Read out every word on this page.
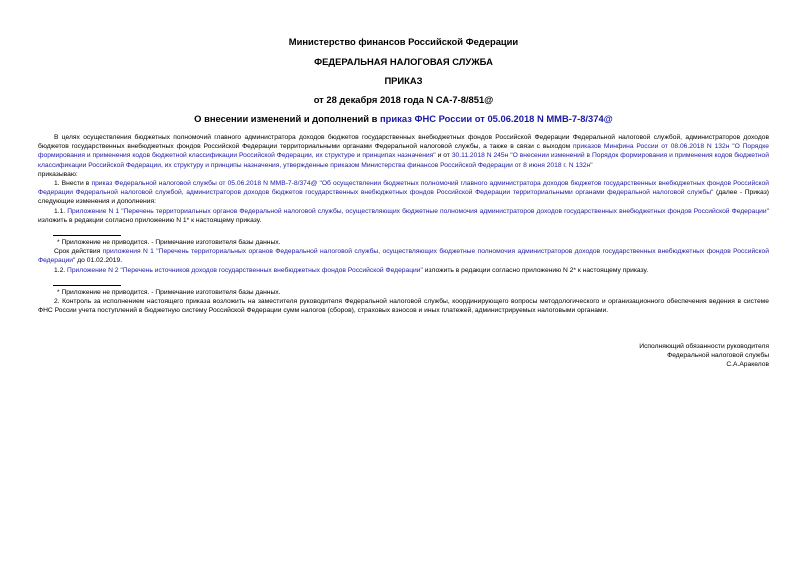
Министерство финансов Российской Федерации
ФЕДЕРАЛЬНАЯ НАЛОГОВАЯ СЛУЖБА
ПРИКАЗ
от 28 декабря 2018 года N СА-7-8/851@
О внесении изменений и дополнений в приказ ФНС России от 05.06.2018 N ММВ-7-8/374@

В целях осуществления бюджетных полномочий главного администратора доходов бюджетов государственных внебюджетных фондов Российской Федерации Федеральной налоговой службой, администраторов доходов бюджетов государственных внебюджетных фондов Российской Федерации территориальными органами Федеральной налоговой службы, а также в связи с выходом приказов Минфина России от 08.06.2018 N 132н "О Порядке формирования и применения кодов бюджетной классификации Российской Федерации, их структуре и принципах назначения" и от 30.11.2018 N 245н "О внесении изменений в Порядок формирования и применения кодов бюджетной классификации Российской Федерации, их структуру и принципы назначения, утвержденные приказом Министерства финансов Российской Федерации от 8 июня 2018 г. N 132н"

приказываю:

1. Внести в приказ Федеральной налоговой службы от 05.06.2018 N ММВ-7-8/374@ "Об осуществлении бюджетных полномочий главного администратора доходов бюджетов государственных внебюджетных фондов Российской Федерации Федеральной налоговой службой, администраторов доходов бюджетов государственных внебюджетных фондов Российской Федерации территориальными органами федеральной налоговой службы" (далее - Приказ) следующие изменения и дополнения:

1.1. Приложение N 1 "Перечень территориальных органов Федеральной налоговой службы, осуществляющих бюджетные полномочия администраторов доходов государственных внебюджетных фондов Российской Федерации" изложить в редакции согласно приложению N 1* к настоящему приказу.

* Приложение не приводится. - Примечание изготовителя базы данных.

Срок действия приложения N 1 "Перечень территориальных органов Федеральной налоговой службы, осуществляющих бюджетные полномочия администраторов доходов государственных внебюджетных фондов Российской Федерации" до 01.02.2019.

1.2. Приложение N 2 "Перечень источников доходов государственных внебюджетных фондов Российской Федерации" изложить в редакции согласно приложению N 2* к настоящему приказу.

* Приложение не приводится. - Примечание изготовителя базы данных.

2. Контроль за исполнением настоящего приказа возложить на заместителя руководителя Федеральной налоговой службы, координирующего вопросы методологического и организационного обеспечения ведения в системе ФНС России учета поступлений в бюджетную систему Российской Федерации сумм налогов (сборов), страховых взносов и иных платежей, администрируемых налоговыми органами.

Исполняющий обязанности руководителя
Федеральной налоговой службы
С.А.Аракелов
